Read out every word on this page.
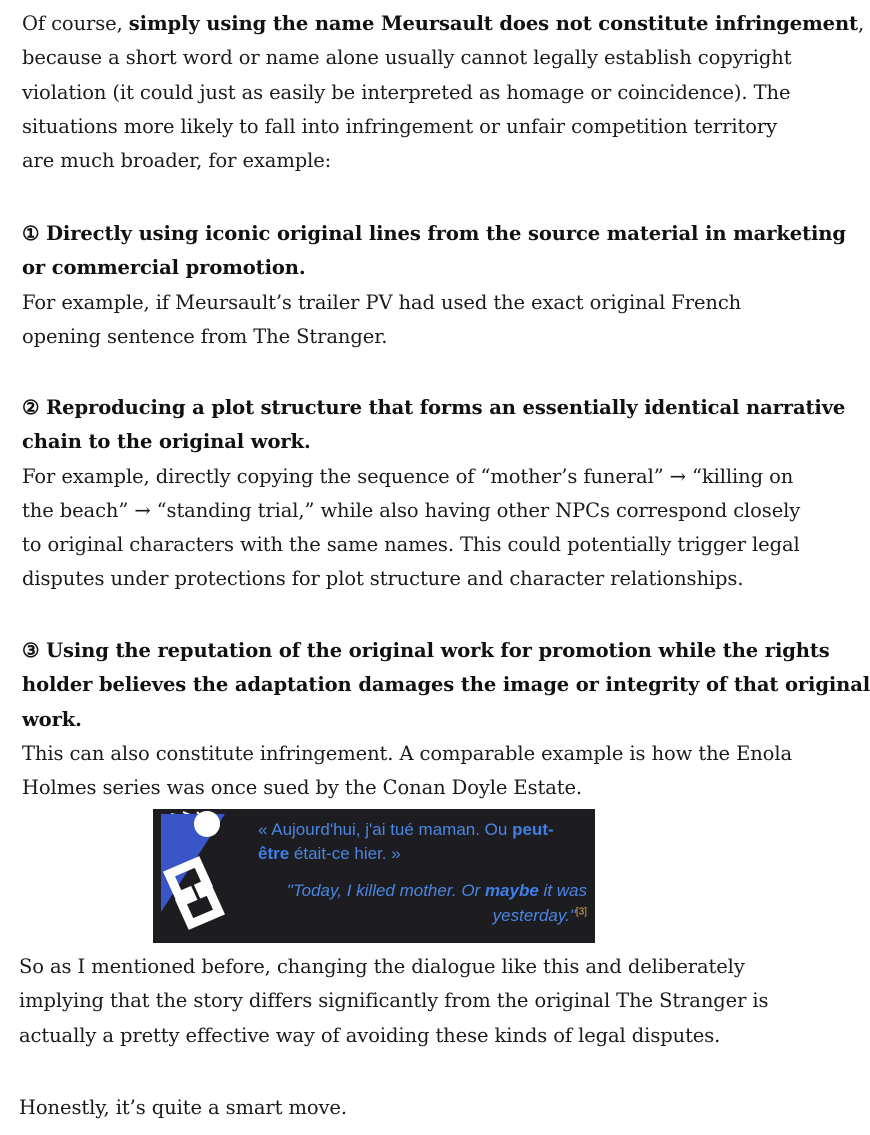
Of course, simply using the name Meursault does not constitute infringement,
because a short word or name alone usually cannot legally establish copyright
violation (it could just as easily be interpreted as homage or coincidence). The
situations more likely to fall into infringement or unfair competition territory
are much broader, for example:

① Directly using iconic original lines from the source material in marketing
or commercial promotion.
For example, if Meursault’s trailer PV had used the exact original French
opening sentence from The Stranger.

② Reproducing a plot structure that forms an essentially identical narrative
chain to the original work.
For example, directly copying the sequence of “mother’s funeral” → “killing on
the beach” → “standing trial,” while also having other NPCs correspond closely
to original characters with the same names. This could potentially trigger legal
disputes under protections for plot structure and character relationships.

③ Using the reputation of the original work for promotion while the rights
holder believes the adaptation damages the image or integrity of that original
work.
This can also constitute infringement. A comparable example is how the Enola
Holmes series was once sued by the Conan Doyle Estate.

« Aujourd'hui, j'ai tué maman. Ou peut-être était-ce hier. »
"Today, I killed mother. Or maybe it was yesterday."[3]

So as I mentioned before, changing the dialogue like this and deliberately
implying that the story differs significantly from the original The Stranger is
actually a pretty effective way of avoiding these kinds of legal disputes.

Honestly, it’s quite a smart move.
